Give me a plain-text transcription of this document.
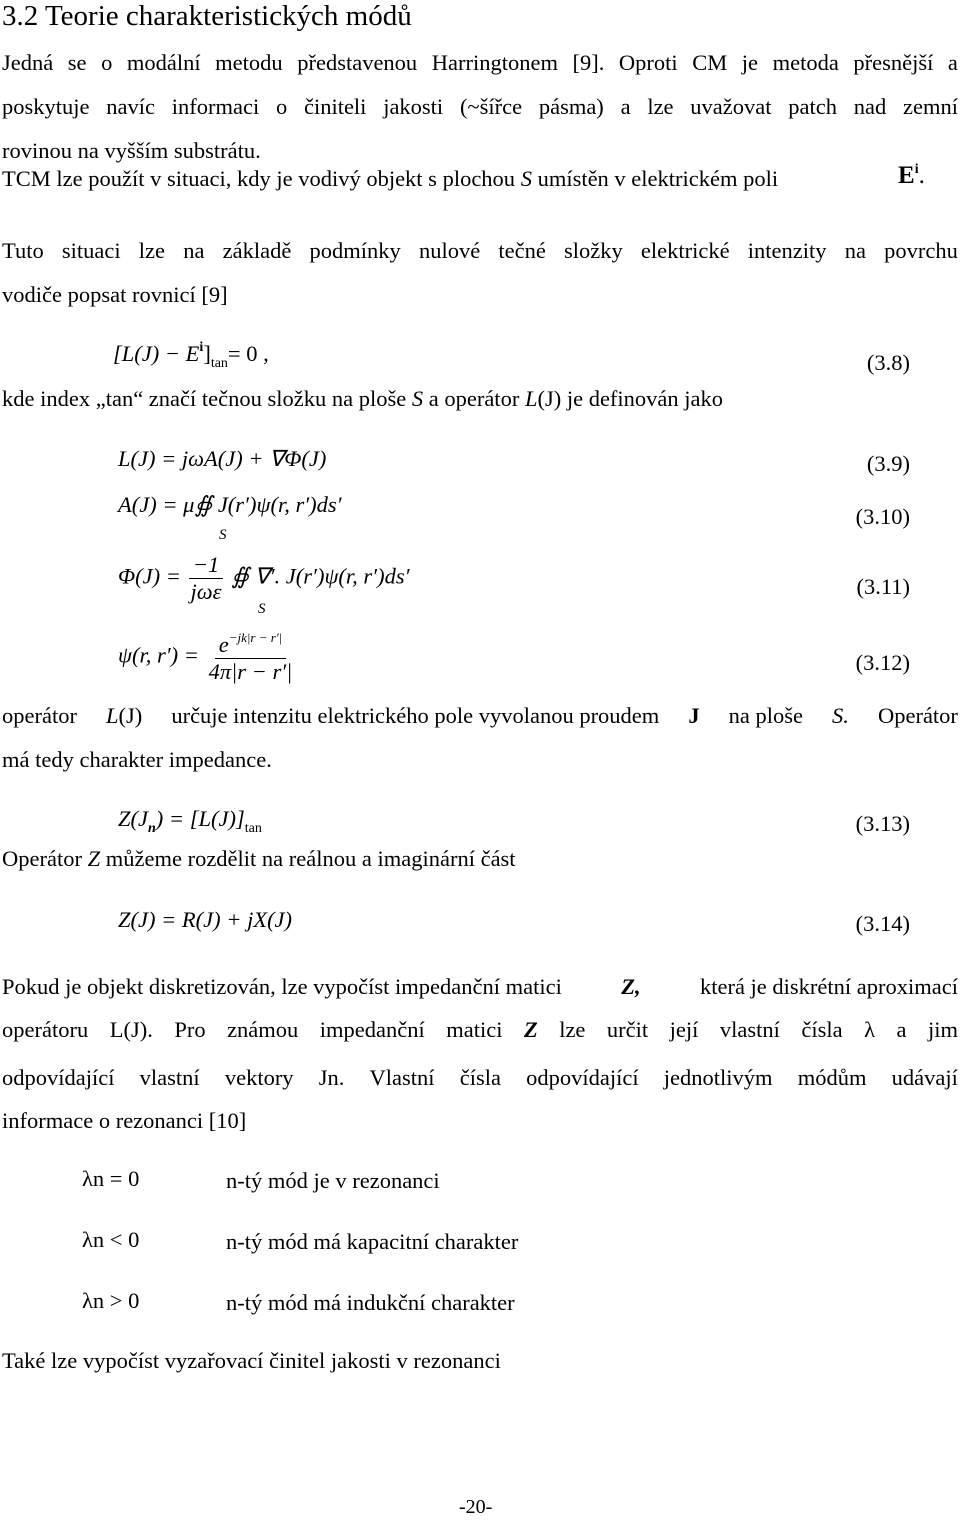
3.2 Teorie charakteristických módů
Jedná se o modální metodu představenou Harringtonem [9]. Oproti CM je metoda přesnější a
poskytuje navíc informaci o činiteli jakosti (~šířce pásma) a lze uvažovat patch nad zemní
rovinou na vyšším substrátu.
TCM lze použít v situaci, kdy je vodivý objekt s plochou S umístěn v elektrickém poli	$E^i$.
Tuto situaci lze na základě podmínky nulové tečné složky elektrické intenzity na povrchu
vodiče popsat rovnicí [9]
$[L(J) - E^i]_{tan}= 0$ ,	(3.8)
kde index „tan“ značí tečnou složku na ploše S a operátor L(J) je definován jako
L(J) = jωA(J) + ∇Φ(J)	(3.9)
A(J) = μ∯ J(r′)ψ(r, r′)ds′
S
(3.10)
$\Phi(J) = \frac{-1}{\text{jωε}}$ ∯ ∇′. J(r′)ψ(r, r′)ds′
S
(3.11)
ψ(r, $r') = \frac{e^{-jk|r - r'|}}{4\pi|r - r'|}$	(3.12)
operátor L(J) určuje intenzitu elektrického pole vyvolanou proudem J na ploše S. Operátor
má tedy charakter impedance.
$Z(J_n) = [L(J)]_{tan}$	(3.13)
Operátor Z můžeme rozdělit na reálnou a imaginární část
Z(J) = R(J) + jX(J)	(3.14)
Pokud je objekt diskretizován, lze vypočíst impedanční matici	Z,	která je diskrétní aproximací
operátoru L(J). Pro známou impedanční matici Z lze určit její vlastní čísla λ a jim
odpovídající vlastní vektory Jn. Vlastní čísla odpovídající jednotlivým módům udávají
informace o rezonanci [10]
λn = 0	n-tý mód je v rezonanci
λn < 0	n-tý mód má kapacitní charakter
λn > 0	n-tý mód má indukční charakter
Také lze vypočíst vyzařovací činitel jakosti v rezonanci
-20-
